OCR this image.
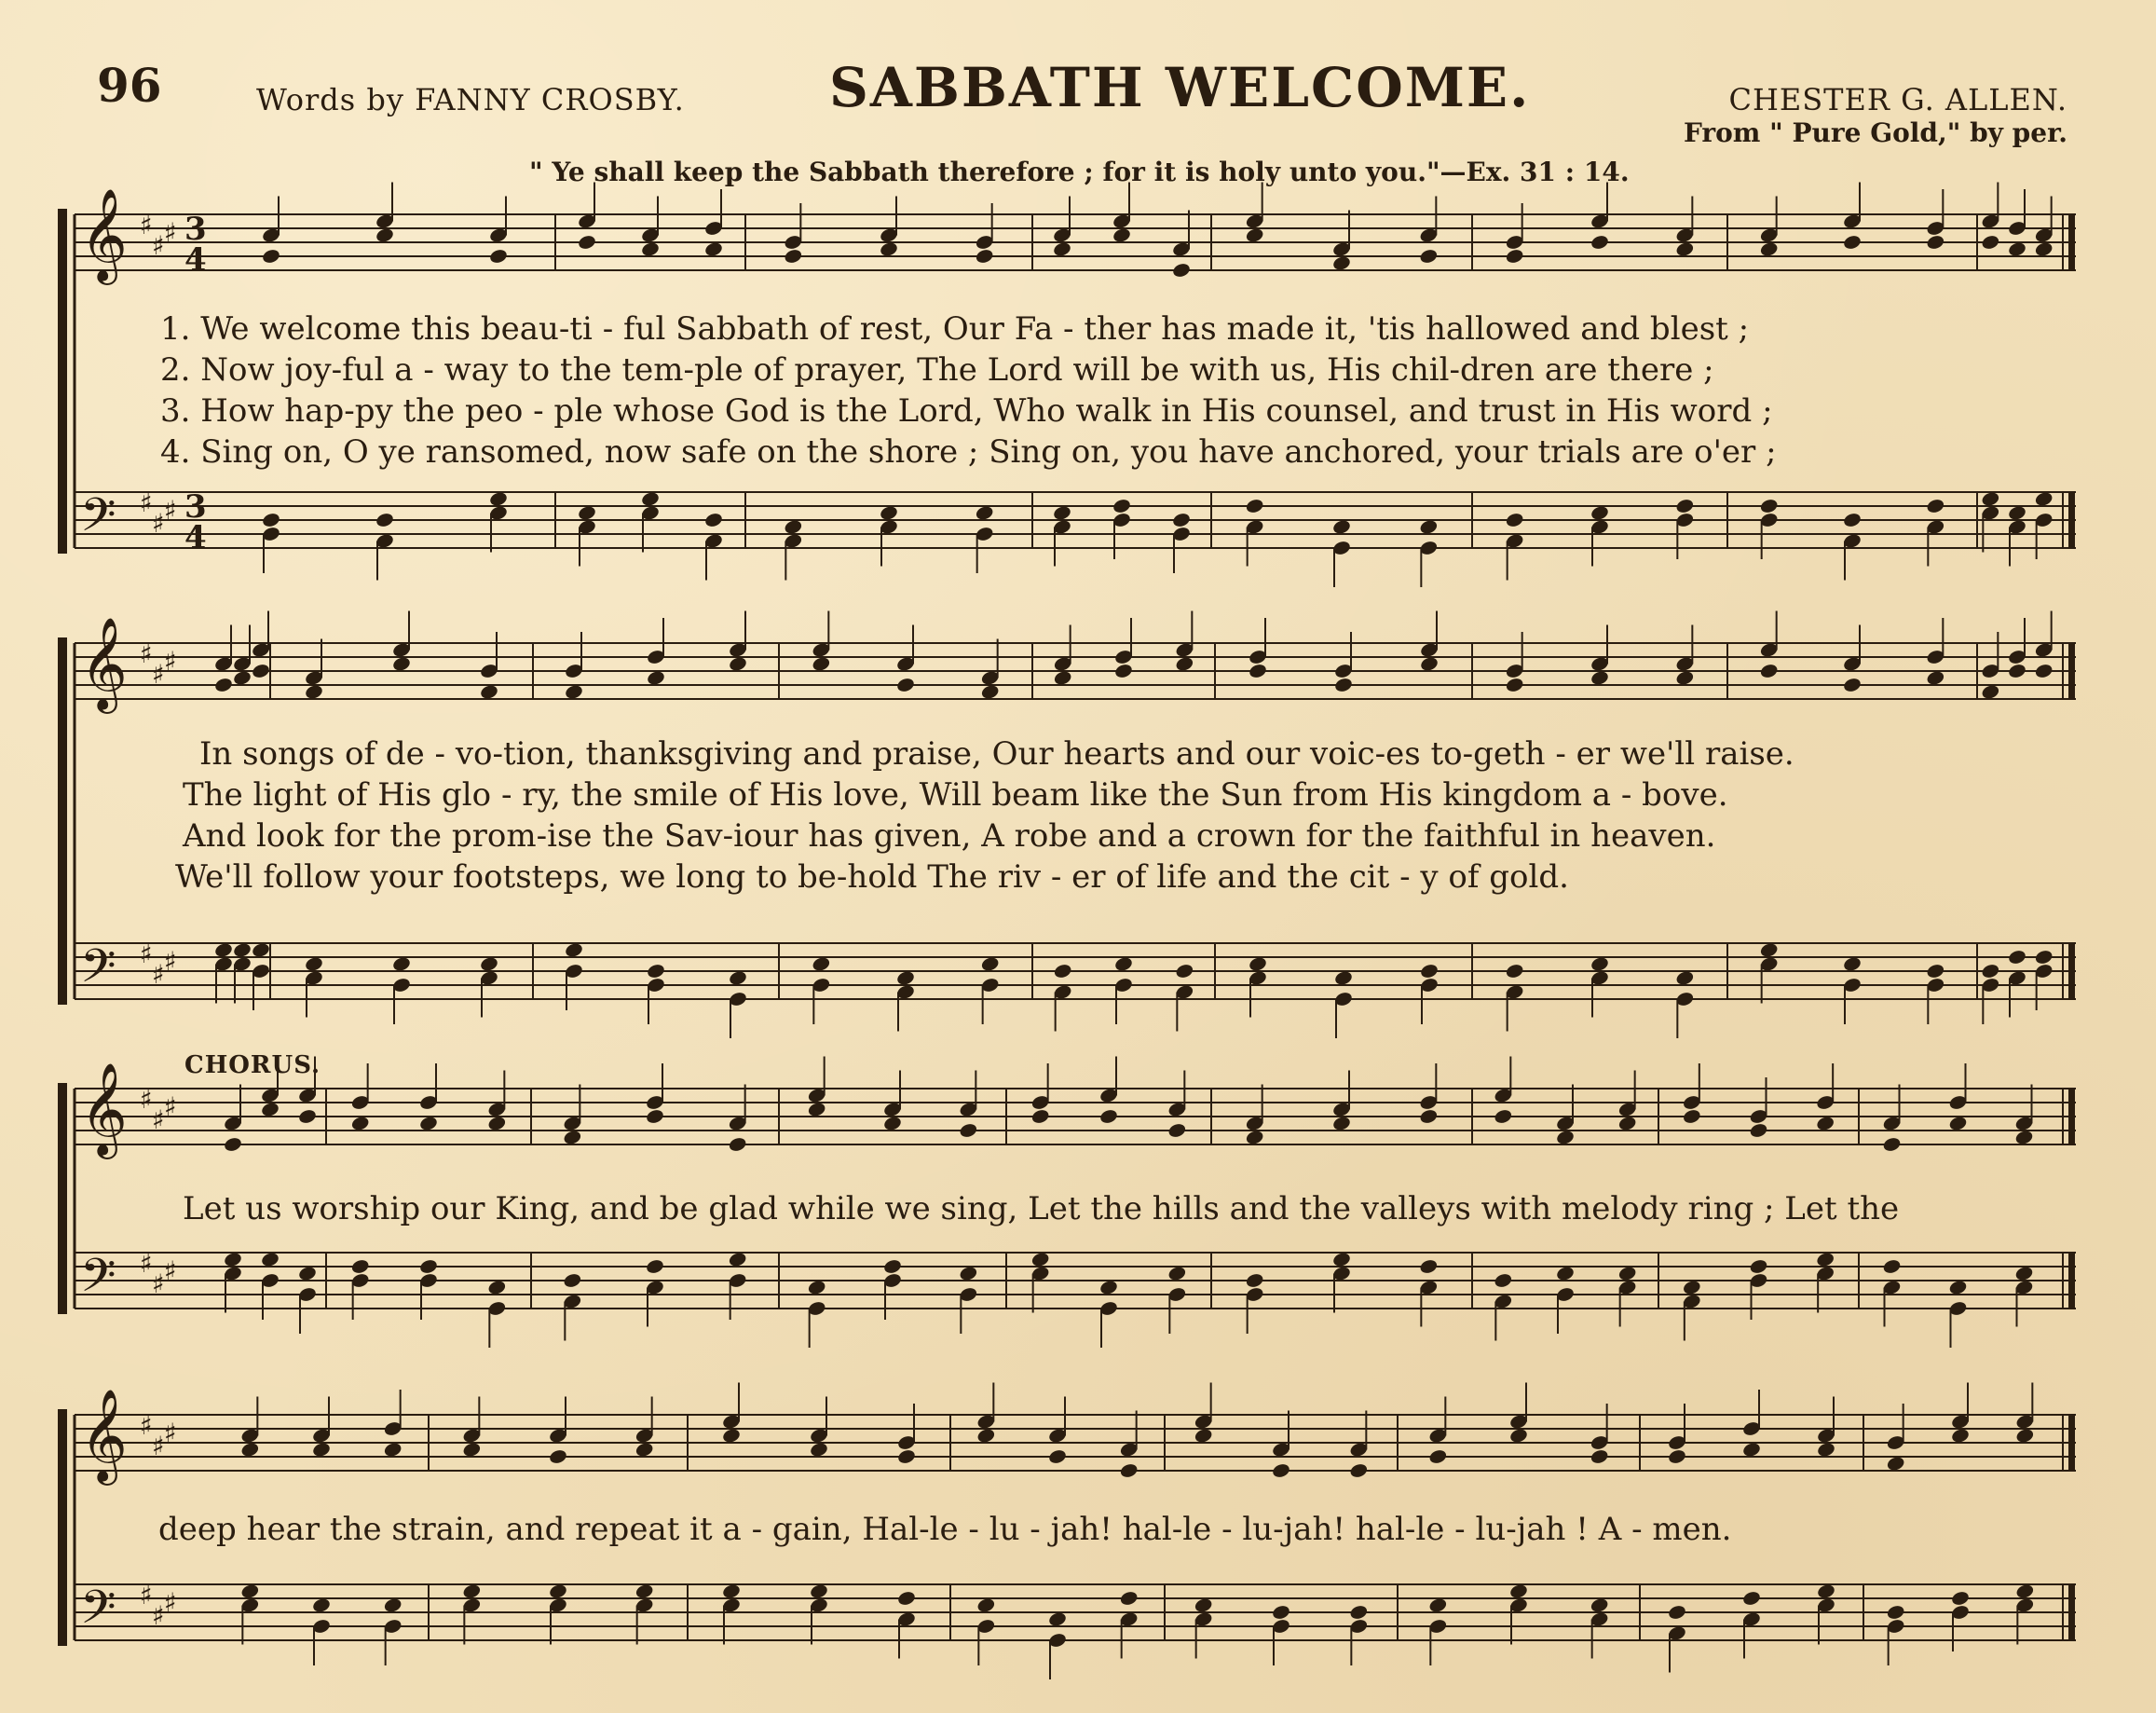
96	Words by FANNY CROSBY.	SABBATH WELCOME.	CHESTER G. ALLEN.
From " Pure Gold," by per.
" Ye shall keep the Sabbath therefore ; for it is holy unto you."—Ex. 31 : 14.
𝄞 ♯
♯ ♯ 3
4
𝄢 ♯
♯ ♯ 3
4
𝄞 ♯
♯ ♯
𝄢 ♯
♯ ♯
𝄞 ♯
♯ ♯
𝄢 ♯
♯ ♯
𝄞 ♯
♯ ♯
𝄢 ♯
♯ ♯
1. We welcome this beau-ti - ful Sabbath of rest, Our Fa - ther has made it, 'tis hallowed and blest ;
2. Now joy-ful a - way to the tem-ple of prayer, The Lord will be with us, His chil-dren are there ;
3. How hap-py the peo - ple whose God is the Lord, Who walk in His counsel, and trust in His word ;
4. Sing on, O ye ransomed, now safe on the shore ; Sing on, you have anchored, your trials are o'er ;
In songs of de - vo-tion, thanksgiving and praise, Our hearts and our voic-es to-geth - er we'll raise.
The light of His glo - ry, the smile of His love, Will beam like the Sun from His kingdom a - bove.
And look for the prom-ise the Sav-iour has given, A robe and a crown for the faithful in heaven.
We'll follow your footsteps, we long to be-hold The riv - er of life and the cit - y of gold.
CHORUS.
Let us worship our King, and be glad while we sing, Let the hills and the valleys with melody ring ; Let the
deep hear the strain, and repeat it a - gain, Hal-le - lu - jah! hal-le - lu-jah! hal-le - lu-jah ! A - men.
